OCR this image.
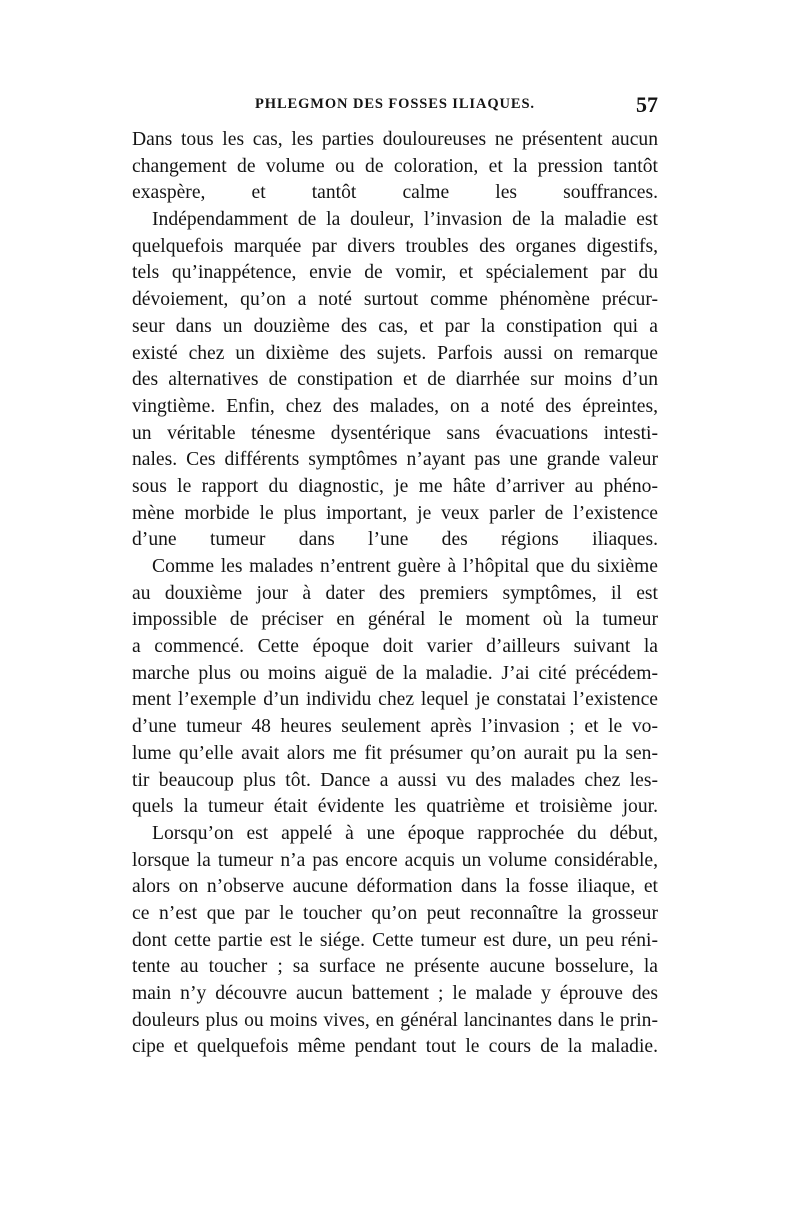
PHLEGMON DES FOSSES ILIAQUES.	57
Dans tous les cas, les parties douloureuses ne présentent aucun
changement de volume ou de coloration, et la pression tantôt
exaspère, et tantôt calme les souffrances.
Indépendamment de la douleur, l’invasion de la maladie est
quelquefois marquée par divers troubles des organes digestifs,
tels qu’inappétence, envie de vomir, et spécialement par du
dévoiement, qu’on a noté surtout comme phénomène précur-
seur dans un douzième des cas, et par la constipation qui a
existé chez un dixième des sujets. Parfois aussi on remarque
des alternatives de constipation et de diarrhée sur moins d’un
vingtième. Enfin, chez des malades, on a noté des épreintes,
un véritable ténesme dysentérique sans évacuations intesti-
nales. Ces différents symptômes n’ayant pas une grande valeur
sous le rapport du diagnostic, je me hâte d’arriver au phéno-
mène morbide le plus important, je veux parler de l’existence
d’une tumeur dans l’une des régions iliaques.
Comme les malades n’entrent guère à l’hôpital que du sixième
au douxième jour à dater des premiers symptômes, il est
impossible de préciser en général le moment où la tumeur
a commencé. Cette époque doit varier d’ailleurs suivant la
marche plus ou moins aiguë de la maladie. J’ai cité précédem-
ment l’exemple d’un individu chez lequel je constatai l’existence
d’une tumeur 48 heures seulement après l’invasion ; et le vo-
lume qu’elle avait alors me fit présumer qu’on aurait pu la sen-
tir beaucoup plus tôt. Dance a aussi vu des malades chez les-
quels la tumeur était évidente les quatrième et troisième jour.
Lorsqu’on est appelé à une époque rapprochée du début,
lorsque la tumeur n’a pas encore acquis un volume considérable,
alors on n’observe aucune déformation dans la fosse iliaque, et
ce n’est que par le toucher qu’on peut reconnaître la grosseur
dont cette partie est le siége. Cette tumeur est dure, un peu réni-
tente au toucher ; sa surface ne présente aucune bosselure, la
main n’y découvre aucun battement ; le malade y éprouve des
douleurs plus ou moins vives, en général lancinantes dans le prin-
cipe et quelquefois même pendant tout le cours de la maladie.
